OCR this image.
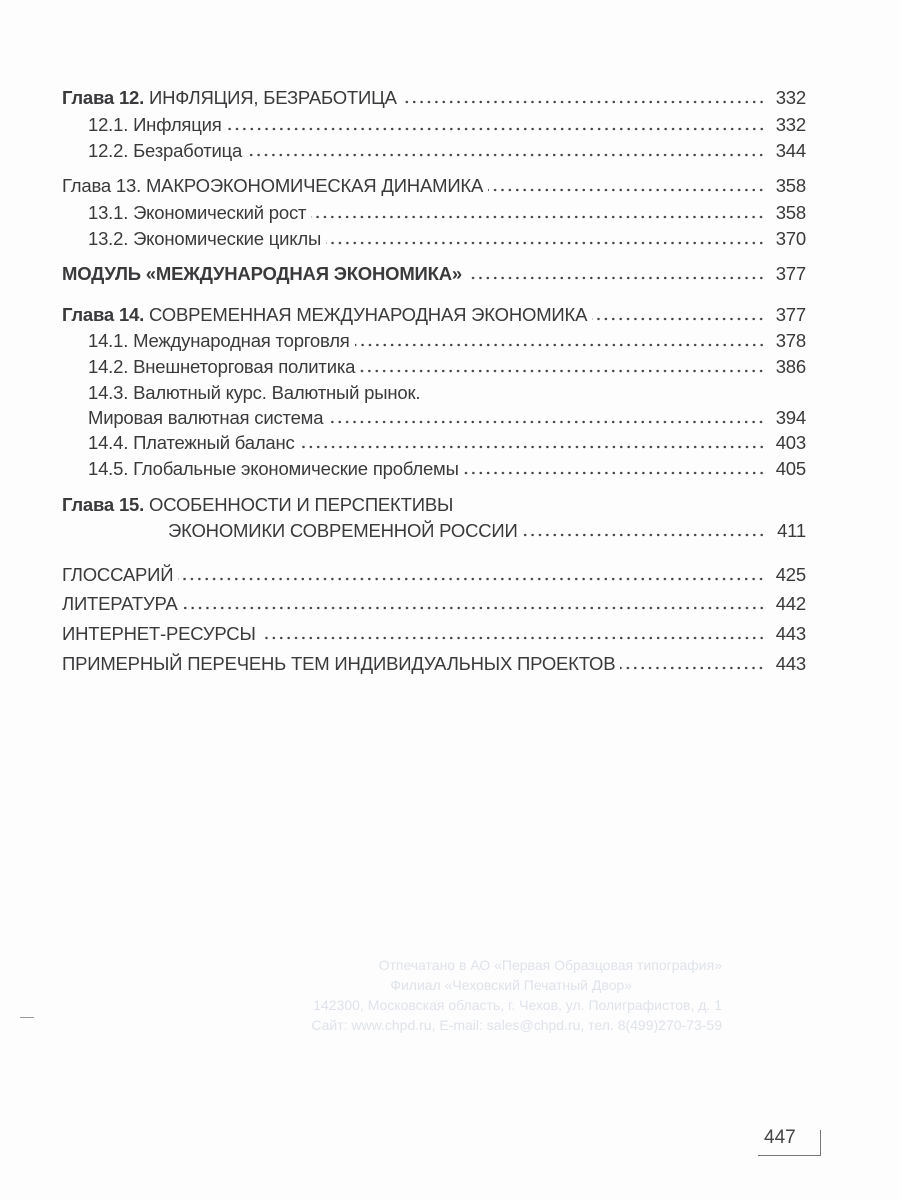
Глава 12. ИНФЛЯЦИЯ, БЕЗРАБОТИЦА	332
12.1. Инфляция	332
12.2. Безработица	344
Глава 13. МАКРОЭКОНОМИЧЕСКАЯ ДИНАМИКА	358
13.1. Экономический рост	358
13.2. Экономические циклы	370
МОДУЛЬ «МЕЖДУНАРОДНАЯ ЭКОНОМИКА»	377
Глава 14. СОВРЕМЕННАЯ МЕЖДУНАРОДНАЯ ЭКОНОМИКА	377
14.1. Международная торговля	378
14.2. Внешнеторговая политика	386
14.3. Валютный курс. Валютный рынок.
Мировая валютная система	394
14.4. Платежный баланс	403
14.5. Глобальные экономические проблемы	405
Глава 15. ОСОБЕННОСТИ И ПЕРСПЕКТИВЫ
ЭКОНОМИКИ СОВРЕМЕННОЙ РОССИИ	411
ГЛОССАРИЙ	425
ЛИТЕРАТУРА	442
ИНТЕРНЕТ-РЕСУРСЫ	443
ПРИМЕРНЫЙ ПЕРЕЧЕНЬ ТЕМ ИНДИВИДУАЛЬНЫХ ПРОЕКТОВ	443
Отпечатано в АО «Первая Образцовая типография»
Филиал «Чеховский Печатный Двор»
142300, Московская область, г. Чехов, ул. Полиграфистов, д. 1
Сайт: www.chpd.ru, E-mail: sales@chpd.ru, тел. 8(499)270-73-59
447
